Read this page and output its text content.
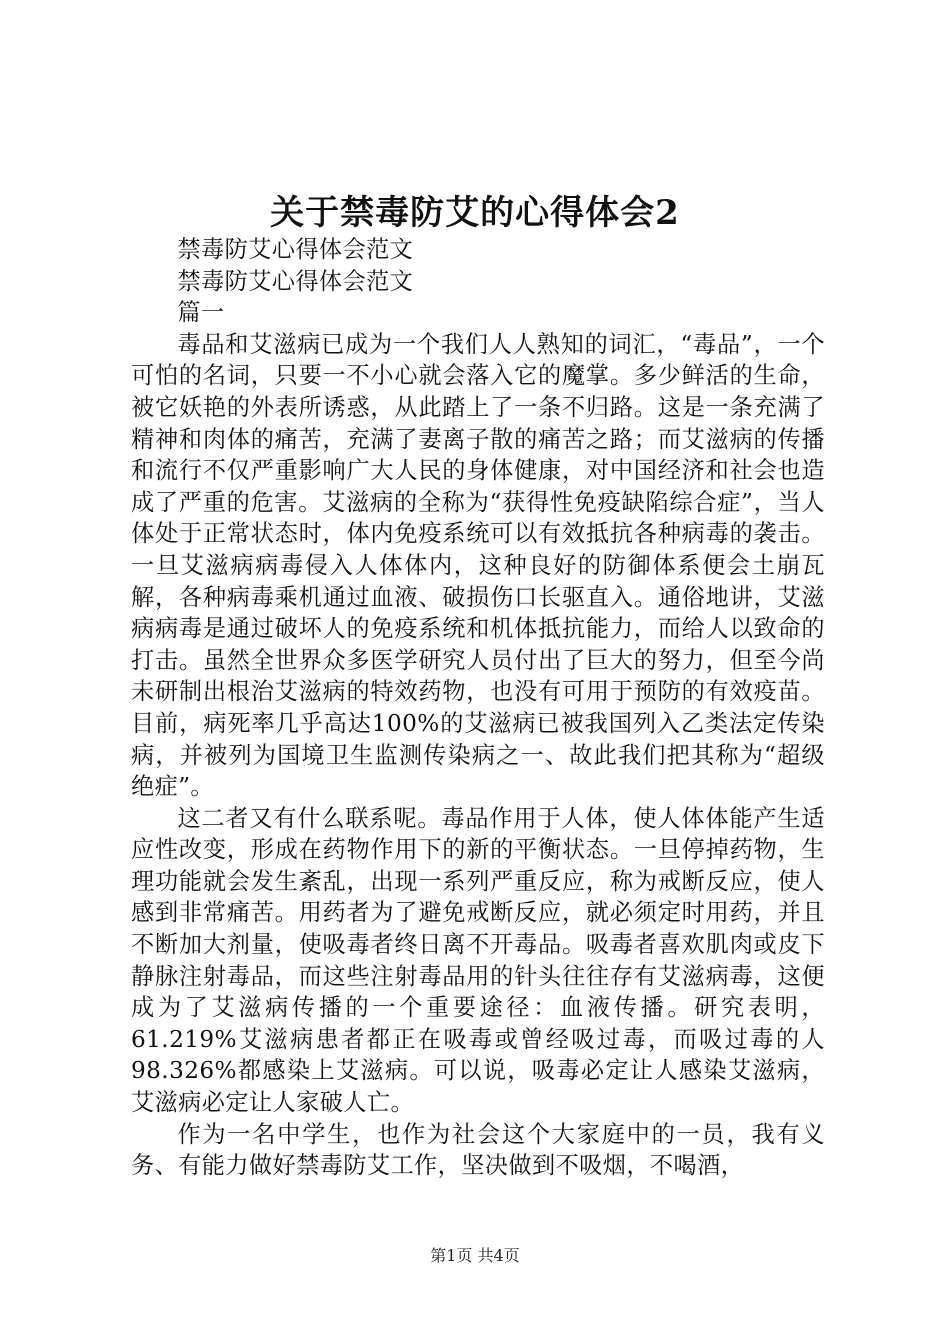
关于禁毒防艾的心得体会2

禁毒防艾心得体会范文

禁毒防艾心得体会范文

篇一

毒品和艾滋病已成为一个我们人人熟知的词汇，“毒品”，一个可怕的名词，只要一不小心就会落入它的魔掌。多少鲜活的生命，被它妖艳的外表所诱惑，从此踏上了一条不归路。这是一条充满了精神和肉体的痛苦，充满了妻离子散的痛苦之路；而艾滋病的传播和流行不仅严重影响广大人民的身体健康，对中国经济和社会也造成了严重的危害。艾滋病的全称为“获得性免疫缺陷综合症”，当人体处于正常状态时，体内免疫系统可以有效抵抗各种病毒的袭击。一旦艾滋病病毒侵入人体体内，这种良好的防御体系便会土崩瓦解，各种病毒乘机通过血液、破损伤口长驱直入。通俗地讲，艾滋病病毒是通过破坏人的免疫系统和机体抵抗能力，而给人以致命的打击。虽然全世界众多医学研究人员付出了巨大的努力，但至今尚未研制出根治艾滋病的特效药物，也没有可用于预防的有效疫苗。目前，病死率几乎高达100%的艾滋病已被我国列入乙类法定传染病，并被列为国境卫生监测传染病之一、故此我们把其称为“超级绝症”。

这二者又有什么联系呢。毒品作用于人体，使人体体能产生适应性改变，形成在药物作用下的新的平衡状态。一旦停掉药物，生理功能就会发生紊乱，出现一系列严重反应，称为戒断反应，使人感到非常痛苦。用药者为了避免戒断反应，就必须定时用药，并且不断加大剂量，使吸毒者终日离不开毒品。吸毒者喜欢肌肉或皮下静脉注射毒品，而这些注射毒品用的针头往往存有艾滋病毒，这便成为了艾滋病传播的一个重要途径：血液传播。研究表明，61.219%艾滋病患者都正在吸毒或曾经吸过毒，而吸过毒的人98.326%都感染上艾滋病。可以说，吸毒必定让人感染艾滋病，艾滋病必定让人家破人亡。

作为一名中学生，也作为社会这个大家庭中的一员，我有义务、有能力做好禁毒防艾工作，坚决做到不吸烟，不喝酒，

第1页 共4页
